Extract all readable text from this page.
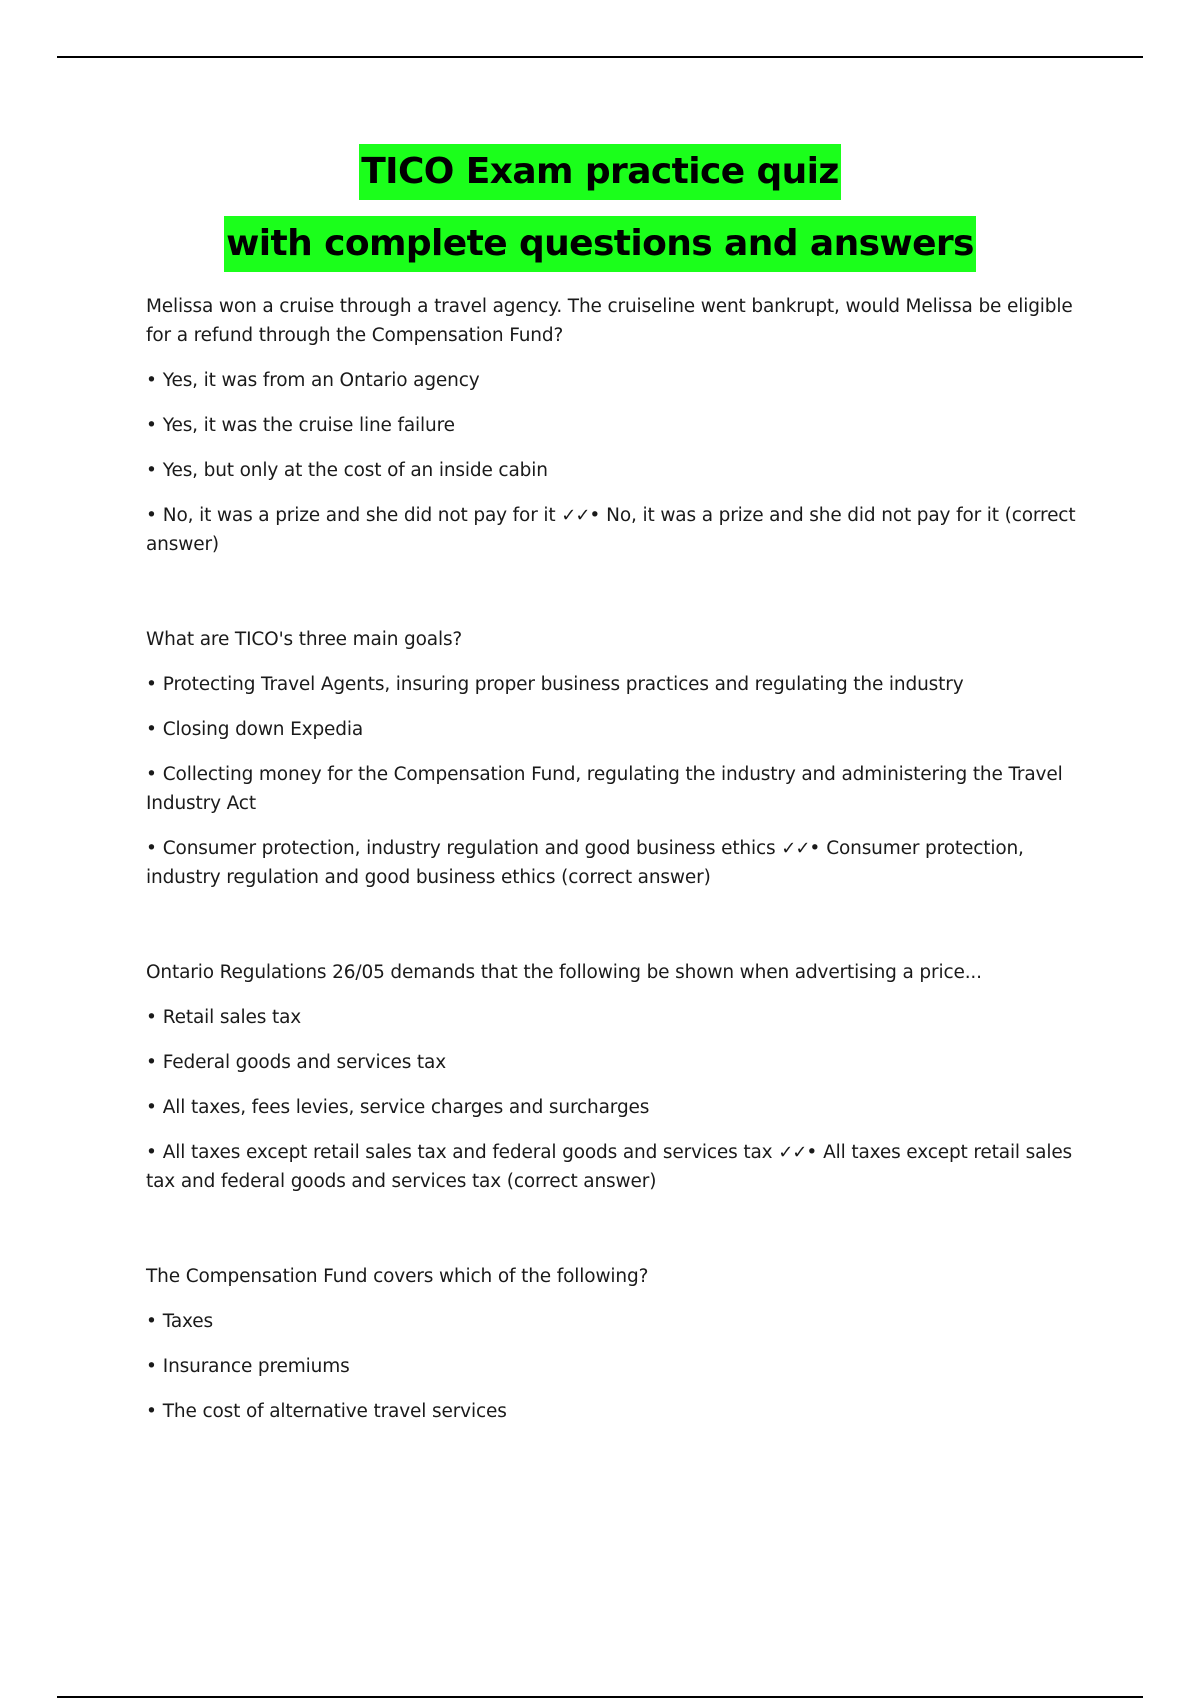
TICO Exam practice quiz
with complete questions and answers

Melissa won a cruise through a travel agency. The cruiseline went bankrupt, would Melissa be eligible for a refund through the Compensation Fund?

• Yes, it was from an Ontario agency

• Yes, it was the cruise line failure

• Yes, but only at the cost of an inside cabin

• No, it was a prize and she did not pay for it ✓✓• No, it was a prize and she did not pay for it (correct answer)

What are TICO's three main goals?

• Protecting Travel Agents, insuring proper business practices and regulating the industry

• Closing down Expedia

• Collecting money for the Compensation Fund, regulating the industry and administering the Travel Industry Act

• Consumer protection, industry regulation and good business ethics ✓✓• Consumer protection, industry regulation and good business ethics (correct answer)

Ontario Regulations 26/05 demands that the following be shown when advertising a price...

• Retail sales tax

• Federal goods and services tax

• All taxes, fees levies, service charges and surcharges

• All taxes except retail sales tax and federal goods and services tax ✓✓• All taxes except retail sales tax and federal goods and services tax (correct answer)

The Compensation Fund covers which of the following?

• Taxes

• Insurance premiums

• The cost of alternative travel services
